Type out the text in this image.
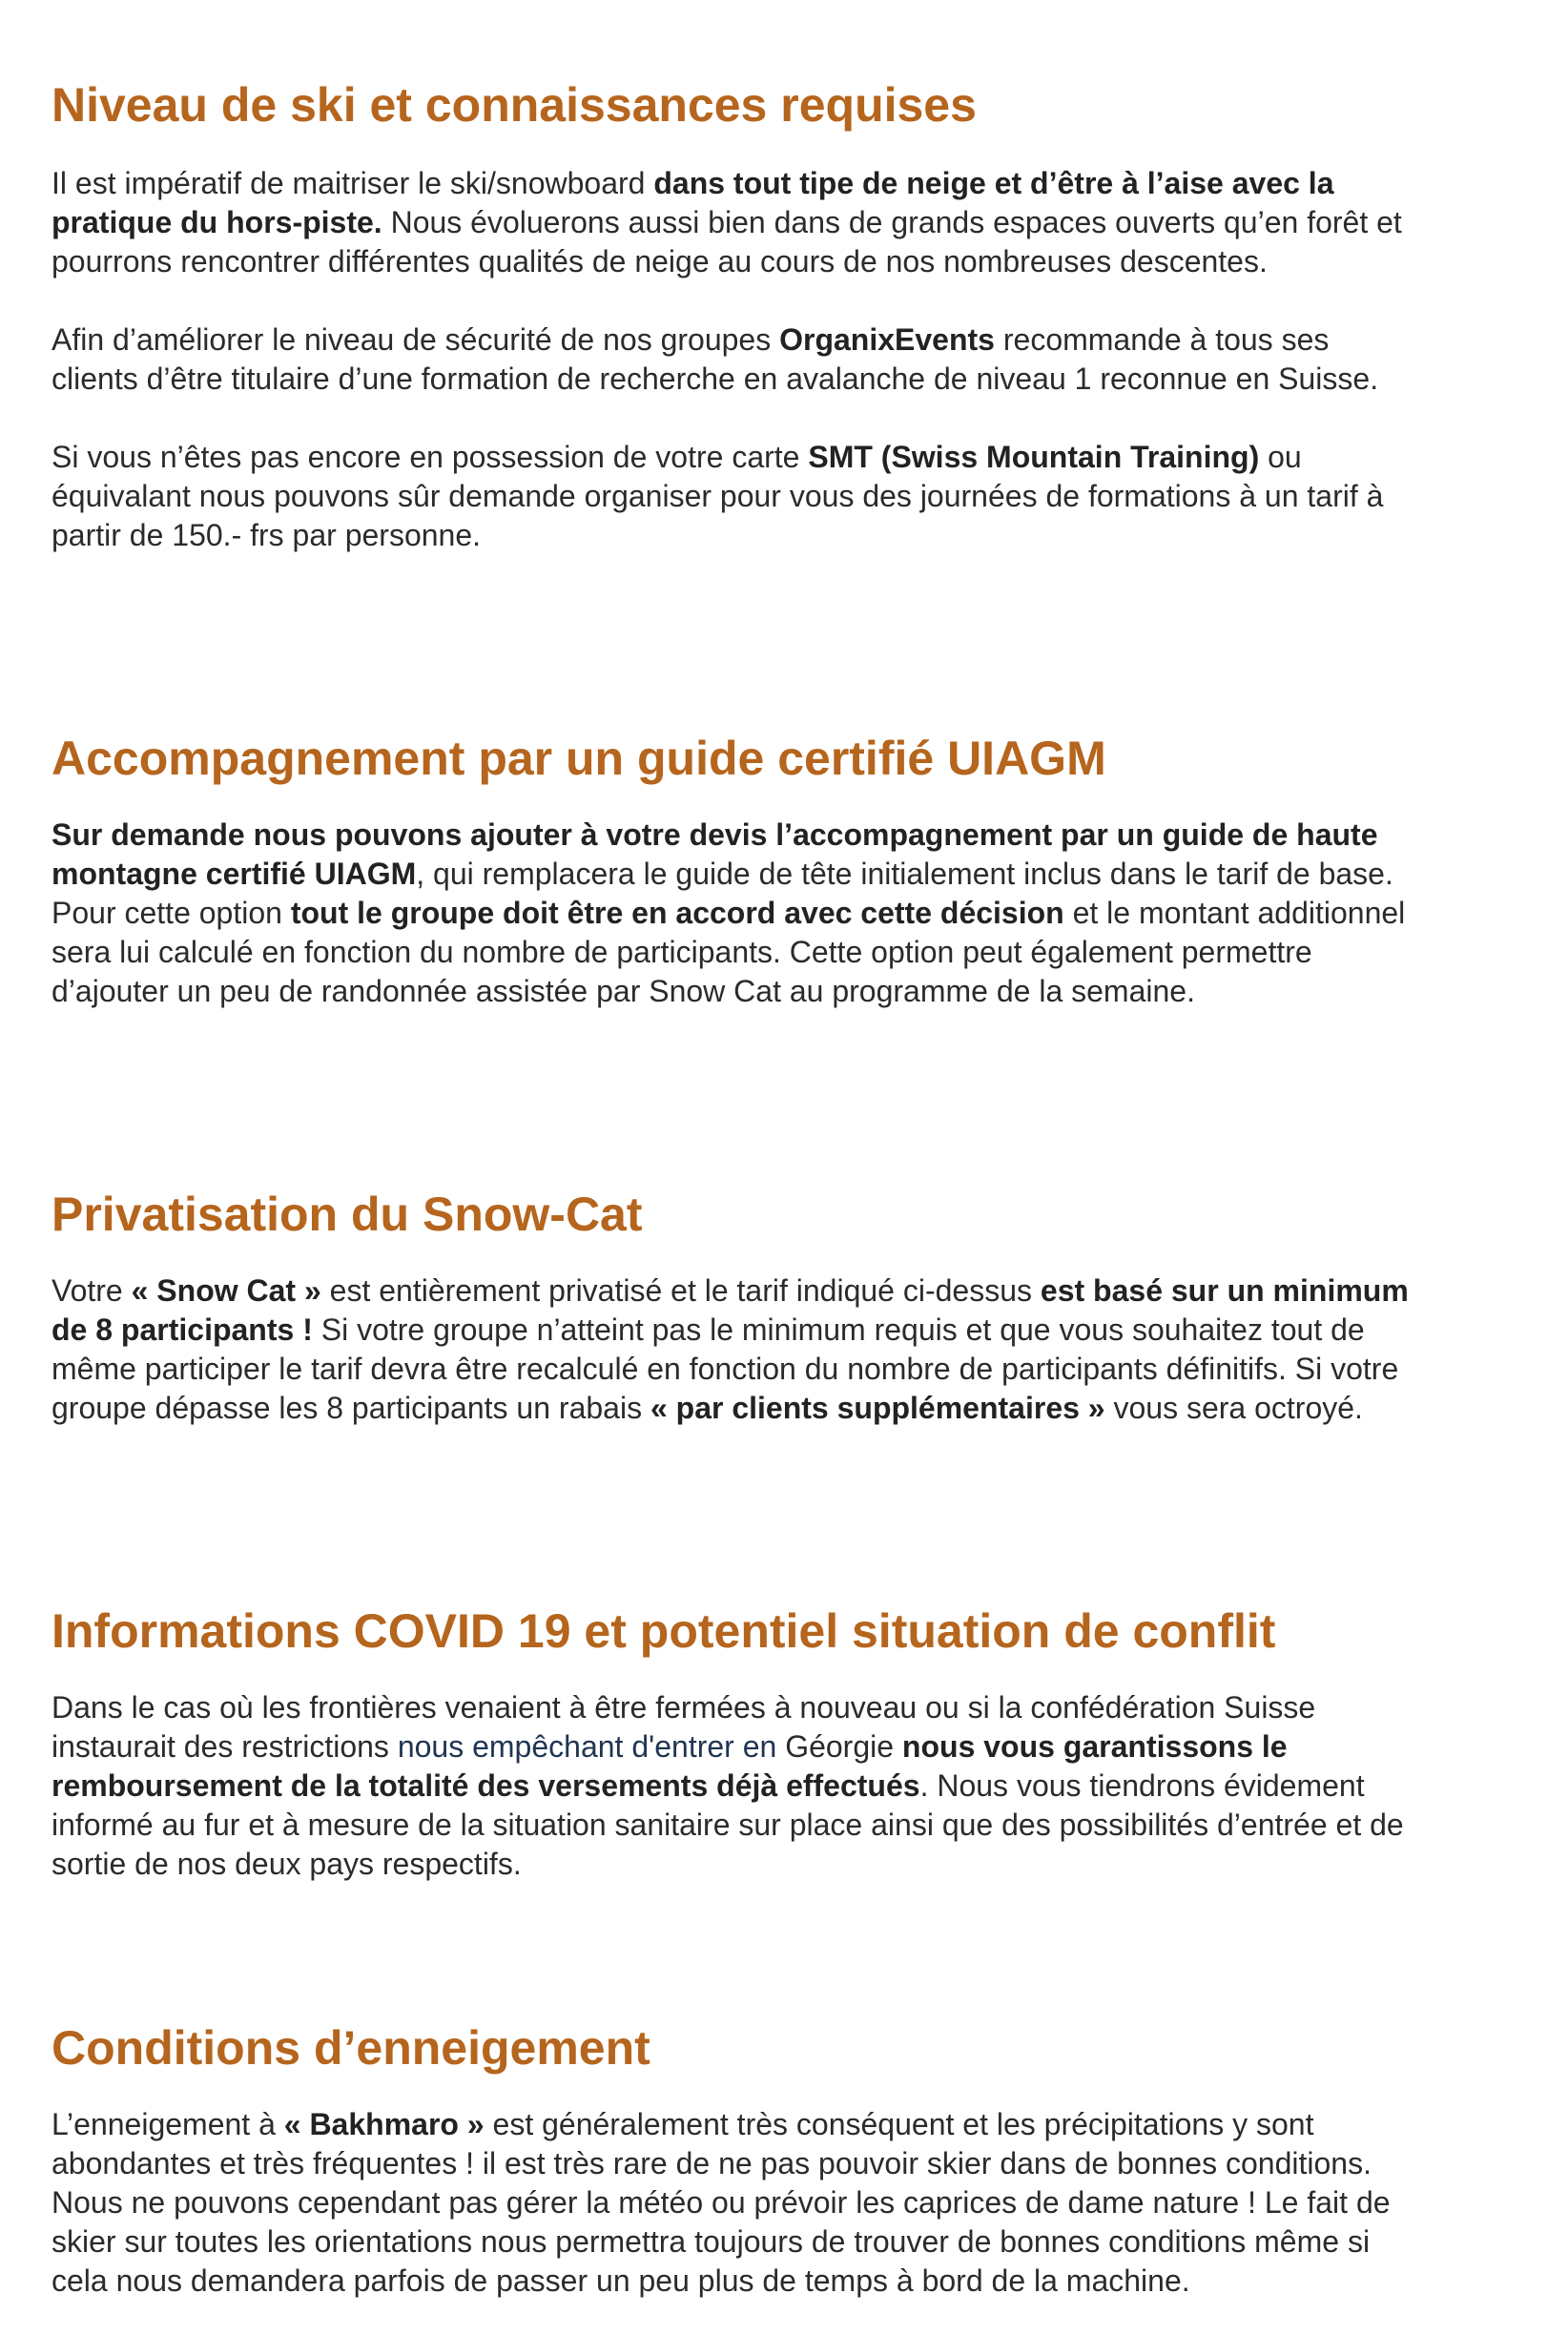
Niveau de ski et connaissances requises

Il est impératif de maitriser le ski/snowboard dans tout tipe de neige et d’être à l’aise avec la
pratique du hors-piste. Nous évoluerons aussi bien dans de grands espaces ouverts qu’en forêt et
pourrons rencontrer différentes qualités de neige au cours de nos nombreuses descentes.

Afin d’améliorer le niveau de sécurité de nos groupes OrganixEvents recommande à tous ses
clients d’être titulaire d’une formation de recherche en avalanche de niveau 1 reconnue en Suisse.

Si vous n’êtes pas encore en possession de votre carte SMT (Swiss Mountain Training) ou
équivalant nous pouvons sûr demande organiser pour vous des journées de formations à un tarif à
partir de 150.- frs par personne.

Accompagnement par un guide certifié UIAGM

Sur demande nous pouvons ajouter à votre devis l’accompagnement par un guide de haute
montagne certifié UIAGM, qui remplacera le guide de tête initialement inclus dans le tarif de base.
Pour cette option tout le groupe doit être en accord avec cette décision et le montant additionnel
sera lui calculé en fonction du nombre de participants. Cette option peut également permettre
d’ajouter un peu de randonnée assistée par Snow Cat au programme de la semaine.

Privatisation du Snow-Cat

Votre « Snow Cat » est entièrement privatisé et le tarif indiqué ci-dessus est basé sur un minimum
de 8 participants ! Si votre groupe n’atteint pas le minimum requis et que vous souhaitez tout de
même participer le tarif devra être recalculé en fonction du nombre de participants définitifs. Si votre
groupe dépasse les 8 participants un rabais « par clients supplémentaires » vous sera octroyé.

Informations COVID 19 et potentiel situation de conflit

Dans le cas où les frontières venaient à être fermées à nouveau ou si la confédération Suisse
instaurait des restrictions nous empêchant d'entrer en Géorgie nous vous garantissons le
remboursement de la totalité des versements déjà effectués. Nous vous tiendrons évidement
informé au fur et à mesure de la situation sanitaire sur place ainsi que des possibilités d’entrée et de
sortie de nos deux pays respectifs.

Conditions d’enneigement

L’enneigement à « Bakhmaro » est généralement très conséquent et les précipitations y sont
abondantes et très fréquentes ! il est très rare de ne pas pouvoir skier dans de bonnes conditions.
Nous ne pouvons cependant pas gérer la météo ou prévoir les caprices de dame nature ! Le fait de
skier sur toutes les orientations nous permettra toujours de trouver de bonnes conditions même si
cela nous demandera parfois de passer un peu plus de temps à bord de la machine.
